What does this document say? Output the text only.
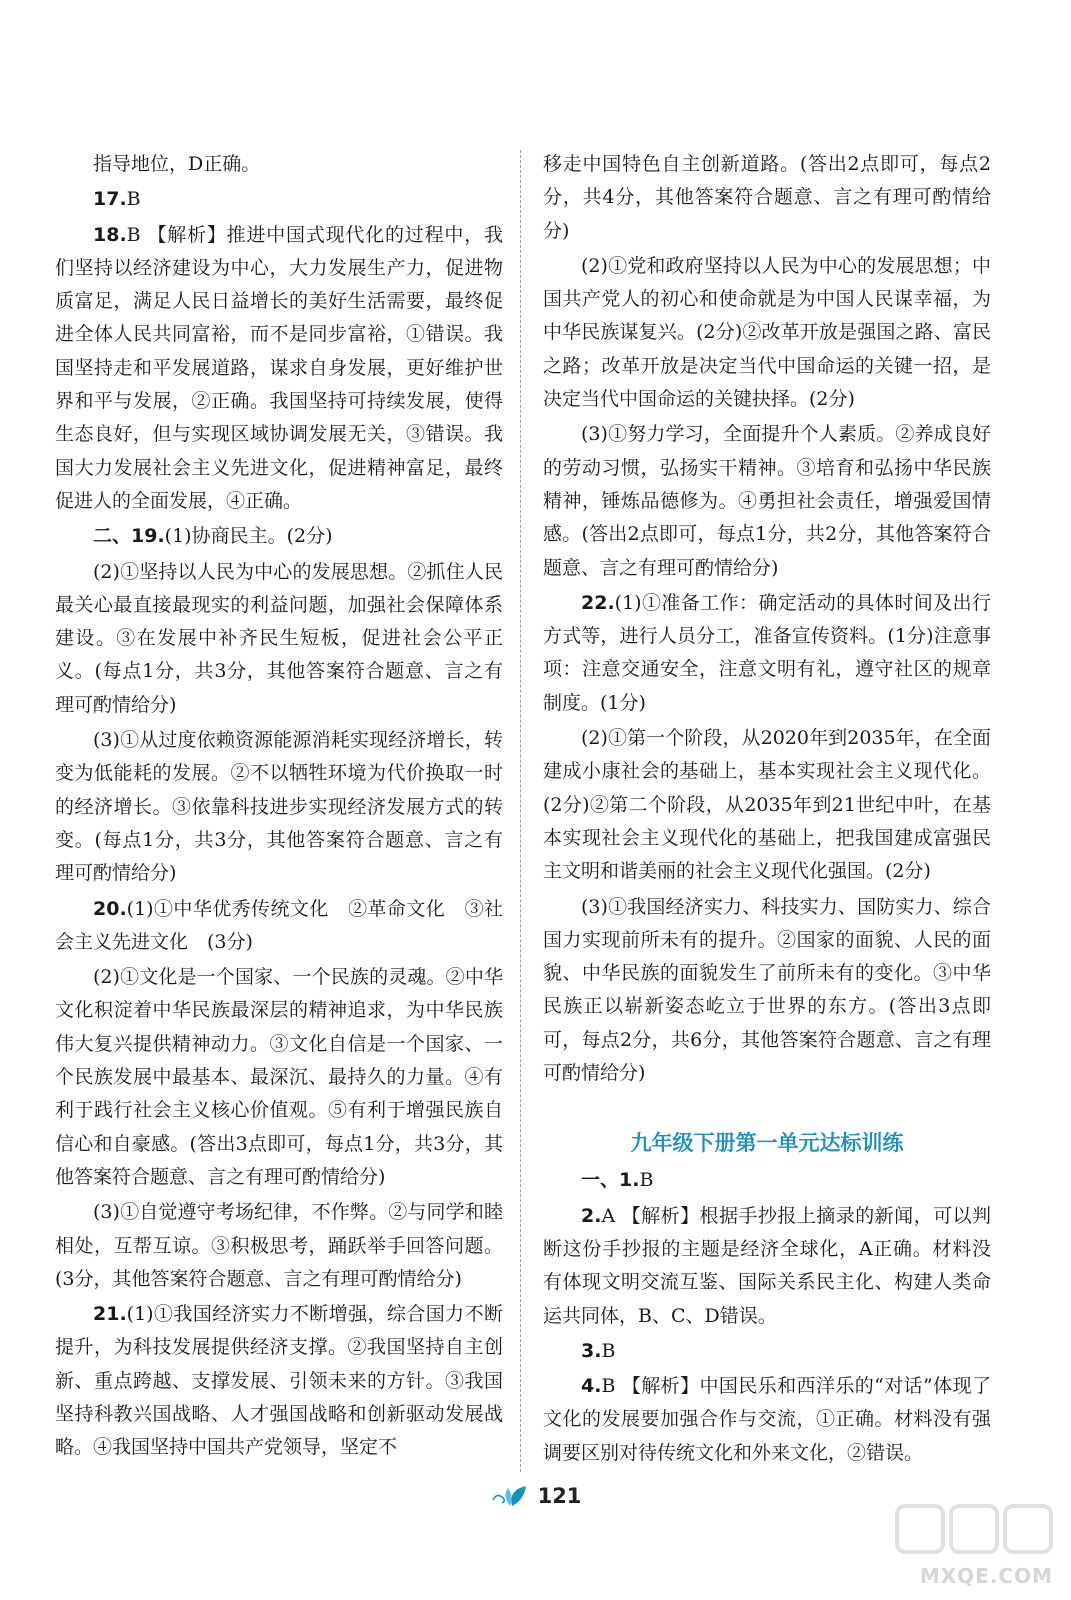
指导地位，D正确。

17.B

18.B 【解析】推进中国式现代化的过程中，我们坚持以经济建设为中心，大力发展生产力，促进物质富足，满足人民日益增长的美好生活需要，最终促进全体人民共同富裕，而不是同步富裕，①错误。我国坚持走和平发展道路，谋求自身发展，更好维护世界和平与发展，②正确。我国坚持可持续发展，使得生态良好，但与实现区域协调发展无关，③错误。我国大力发展社会主义先进文化，促进精神富足，最终促进人的全面发展，④正确。

二、19.(1)协商民主。(2分)

(2)①坚持以人民为中心的发展思想。②抓住人民最关心最直接最现实的利益问题，加强社会保障体系建设。③在发展中补齐民生短板，促进社会公平正义。(每点1分，共3分，其他答案符合题意、言之有理可酌情给分)

(3)①从过度依赖资源能源消耗实现经济增长，转变为低能耗的发展。②不以牺牲环境为代价换取一时的经济增长。③依靠科技进步实现经济发展方式的转变。(每点1分，共3分，其他答案符合题意、言之有理可酌情给分)

20.(1)①中华优秀传统文化　②革命文化　③社会主义先进文化　(3分)

(2)①文化是一个国家、一个民族的灵魂。②中华文化积淀着中华民族最深层的精神追求，为中华民族伟大复兴提供精神动力。③文化自信是一个国家、一个民族发展中最基本、最深沉、最持久的力量。④有利于践行社会主义核心价值观。⑤有利于增强民族自信心和自豪感。(答出3点即可，每点1分，共3分，其他答案符合题意、言之有理可酌情给分)

(3)①自觉遵守考场纪律，不作弊。②与同学和睦相处，互帮互谅。③积极思考，踊跃举手回答问题。(3分，其他答案符合题意、言之有理可酌情给分)

21.(1)①我国经济实力不断增强，综合国力不断提升，为科技发展提供经济支撑。②我国坚持自主创新、重点跨越、支撑发展、引领未来的方针。③我国坚持科教兴国战略、人才强国战略和创新驱动发展战略。④我国坚持中国共产党领导，坚定不

移走中国特色自主创新道路。(答出2点即可，每点2分，共4分，其他答案符合题意、言之有理可酌情给分)

(2)①党和政府坚持以人民为中心的发展思想；中国共产党人的初心和使命就是为中国人民谋幸福，为中华民族谋复兴。(2分)②改革开放是强国之路、富民之路；改革开放是决定当代中国命运的关键一招，是决定当代中国命运的关键抉择。(2分)

(3)①努力学习，全面提升个人素质。②养成良好的劳动习惯，弘扬实干精神。③培育和弘扬中华民族精神，锤炼品德修为。④勇担社会责任，增强爱国情感。(答出2点即可，每点1分，共2分，其他答案符合题意、言之有理可酌情给分)

22.(1)①准备工作：确定活动的具体时间及出行方式等，进行人员分工，准备宣传资料。(1分)注意事项：注意交通安全，注意文明有礼，遵守社区的规章制度。(1分)

(2)①第一个阶段，从2020年到2035年，在全面建成小康社会的基础上，基本实现社会主义现代化。(2分)②第二个阶段，从2035年到21世纪中叶，在基本实现社会主义现代化的基础上，把我国建成富强民主文明和谐美丽的社会主义现代化强国。(2分)

(3)①我国经济实力、科技实力、国防实力、综合国力实现前所未有的提升。②国家的面貌、人民的面貌、中华民族的面貌发生了前所未有的变化。③中华民族正以崭新姿态屹立于世界的东方。(答出3点即可，每点2分，共6分，其他答案符合题意、言之有理可酌情给分)

九年级下册第一单元达标训练

一、1.B

2.A 【解析】根据手抄报上摘录的新闻，可以判断这份手抄报的主题是经济全球化，A正确。材料没有体现文明交流互鉴、国际关系民主化、构建人类命运共同体，B、C、D错误。

3.B

4.B 【解析】中国民乐和西洋乐的“对话”体现了文化的发展要加强合作与交流，①正确。材料没有强调要区别对待传统文化和外来文化，②错误。

121
MXQE.COM
